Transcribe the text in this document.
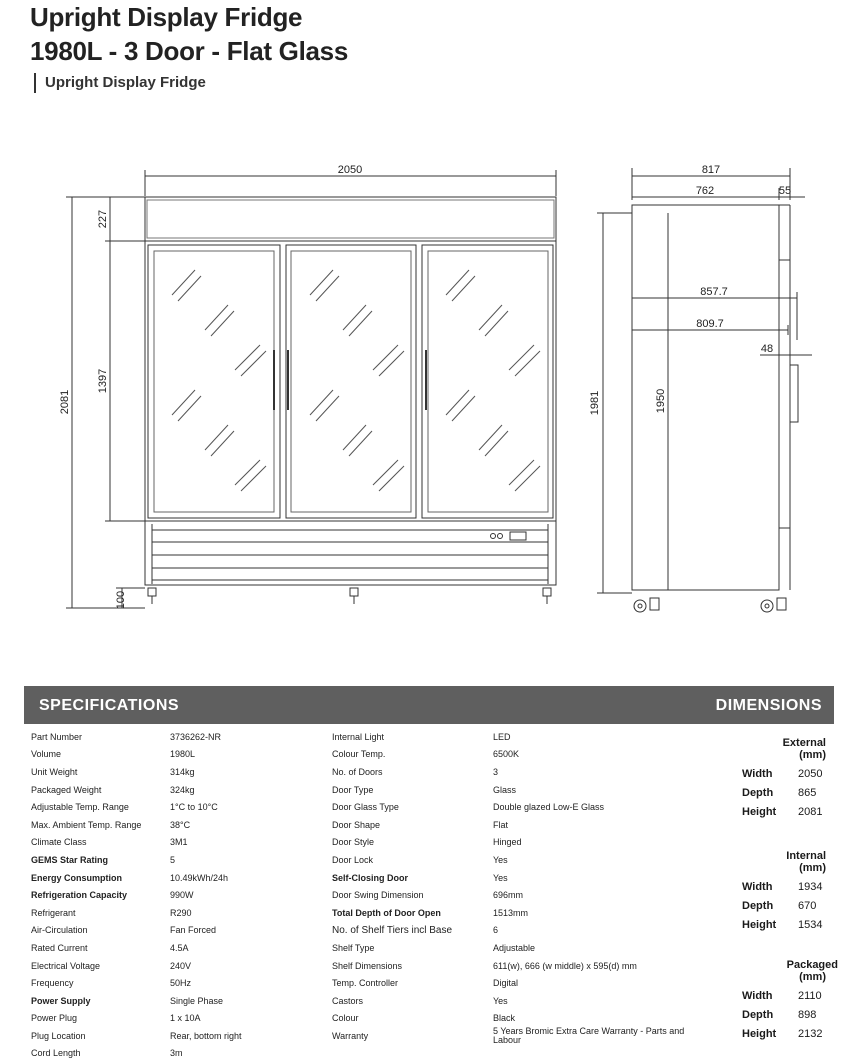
Upright Display Fridge
1980L - 3 Door - Flat Glass
Upright Display Fridge
2050
2081
227
1397
100
817
762	55
857.7
809.7
48
1981	1950
SPECIFICATIONS	DIMENSIONS
Part Number	3736262-NR
Volume	1980L
Unit Weight	314kg
Packaged Weight	324kg
Adjustable Temp. Range	1°C to 10°C
Max. Ambient Temp. Range	38°C
Climate Class	3M1
GEMS Star Rating	5
Energy Consumption	10.49kWh/24h
Refrigeration Capacity	990W
Refrigerant	R290
Air-Circulation	Fan Forced
Rated Current	4.5A
Electrical Voltage	240V
Frequency	50Hz
Power Supply	Single Phase
Power Plug	1 x 10A
Plug Location	Rear, bottom right
Cord Length	3m
Internal Light	LED
Colour Temp.	6500K
No. of Doors	3
Door Type	Glass
Door Glass Type	Double glazed Low-E Glass
Door Shape	Flat
Door Style	Hinged
Door Lock	Yes
Self-Closing Door	Yes
Door Swing Dimension	696mm
Total Depth of Door Open	1513mm
No. of Shelf Tiers incl Base	6
Shelf Type	Adjustable
Shelf Dimensions	611(w), 666 (w middle) x 595(d) mm
Temp. Controller	Digital
Castors	Yes
Colour	Black
Warranty	5 Years Bromic Extra Care Warranty - Parts and Labour
External
(mm)
Width 2050
Depth 865
Height 2081
Internal
(mm)
Width 1934
Depth 670
Height 1534
Packaged
(mm)
Width 2110
Depth 898
Height 2132
